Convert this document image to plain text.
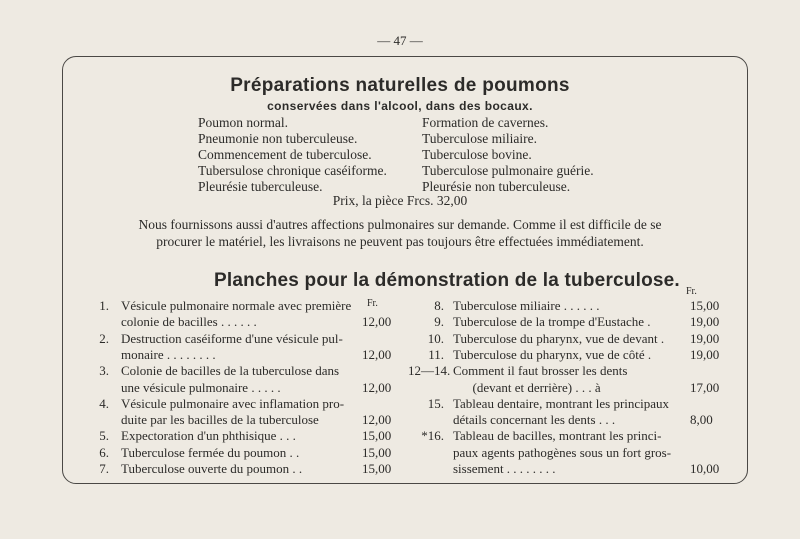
— 47 —
Préparations naturelles de poumons
conservées dans l'alcool, dans des bocaux.
Poumon normal.
Pneumonie non tuberculeuse.
Commencement de tuberculose.
Tubersulose chronique caséiforme.
Pleurésie tuberculeuse.
Formation de cavernes.
Tuberculose miliaire.
Tuberculose bovine.
Tuberculose pulmonaire guérie.
Pleurésie non tuberculeuse.
Prix, la pièce Frcs. 32,00
Nous fournissons aussi d'autres affections pulmonaires sur demande. Comme il est difficile de se
procurer le matériel, les livraisons ne peuvent pas toujours être effectuées immédiatement.
Planches pour la démonstration de la tuberculose.
Fr.
Fr.
1. Vésicule pulmonaire normale avec première
colonie de bacilles . . . . . .	12,00
2. Destruction caséiforme d'une vésicule pul-
monaire . . . . . . . .	12,00
3. Colonie de bacilles de la tuberculose dans
une vésicule pulmonaire . . . . .	12,00
4. Vésicule pulmonaire avec inflamation pro-
duite par les bacilles de la tuberculose	12,00
5. Expectoration d'un phthisique . . .	15,00
6. Tuberculose fermée du poumon . .	15,00
7. Tuberculose ouverte du poumon . .	15,00
8. Tuberculose miliaire . . . . . .	15,00
9. Tuberculose de la trompe d'Eustache .	19,00
10. Tuberculose du pharynx, vue de devant . 19,00
11. Tuberculose du pharynx, vue de côté .	19,00
12—14. Comment il faut brosser les dents
(devant et derrière) . . . à	17,00
15. Tableau dentaire, montrant les principaux
détails concernant les dents . . .	8,00
*16. Tableau de bacilles, montrant les princi-
paux agents pathogènes sous un fort gros-
sissement . . . . . . . .	10,00
